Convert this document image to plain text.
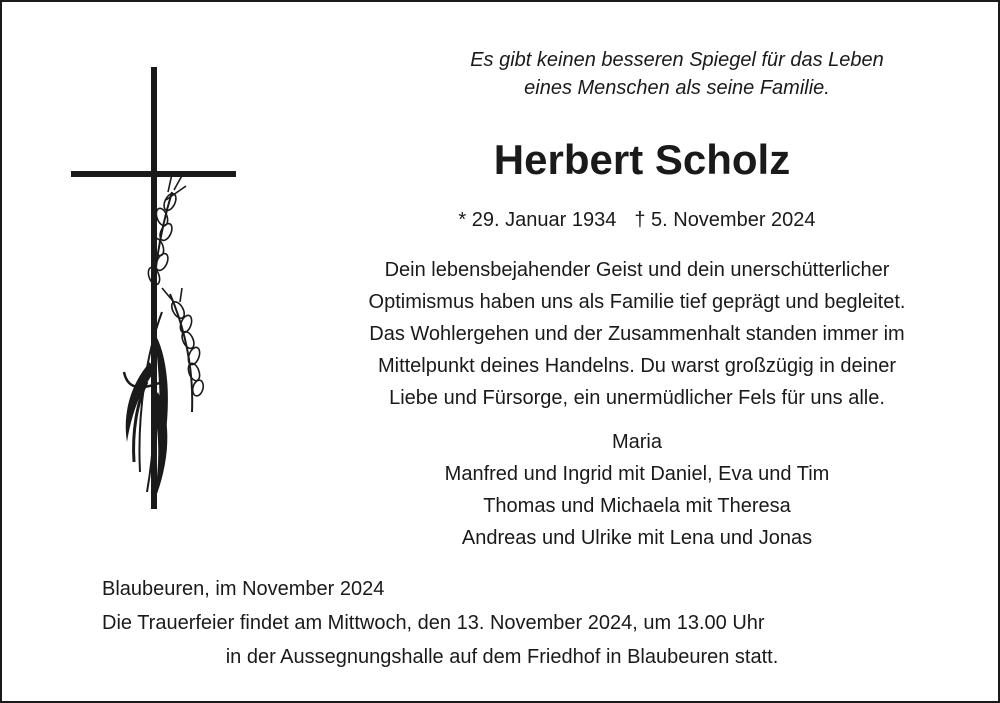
Es gibt keinen besseren Spiegel für das Leben
eines Menschen als seine Familie.
Herbert Scholz
* 29. Januar 1934 † 5. November 2024
Dein lebensbejahender Geist und dein unerschütterlicher
Optimismus haben uns als Familie tief geprägt und begleitet.
Das Wohlergehen und der Zusammenhalt standen immer im
Mittelpunkt deines Handelns. Du warst großzügig in deiner
Liebe und Fürsorge, ein unermüdlicher Fels für uns alle.
Maria
Manfred und Ingrid mit Daniel, Eva und Tim
Thomas und Michaela mit Theresa
Andreas und Ulrike mit Lena und Jonas
Blaubeuren, im November 2024
Die Trauerfeier findet am Mittwoch, den 13. November 2024, um 13.00 Uhr
in der Aussegnungshalle auf dem Friedhof in Blaubeuren statt.
